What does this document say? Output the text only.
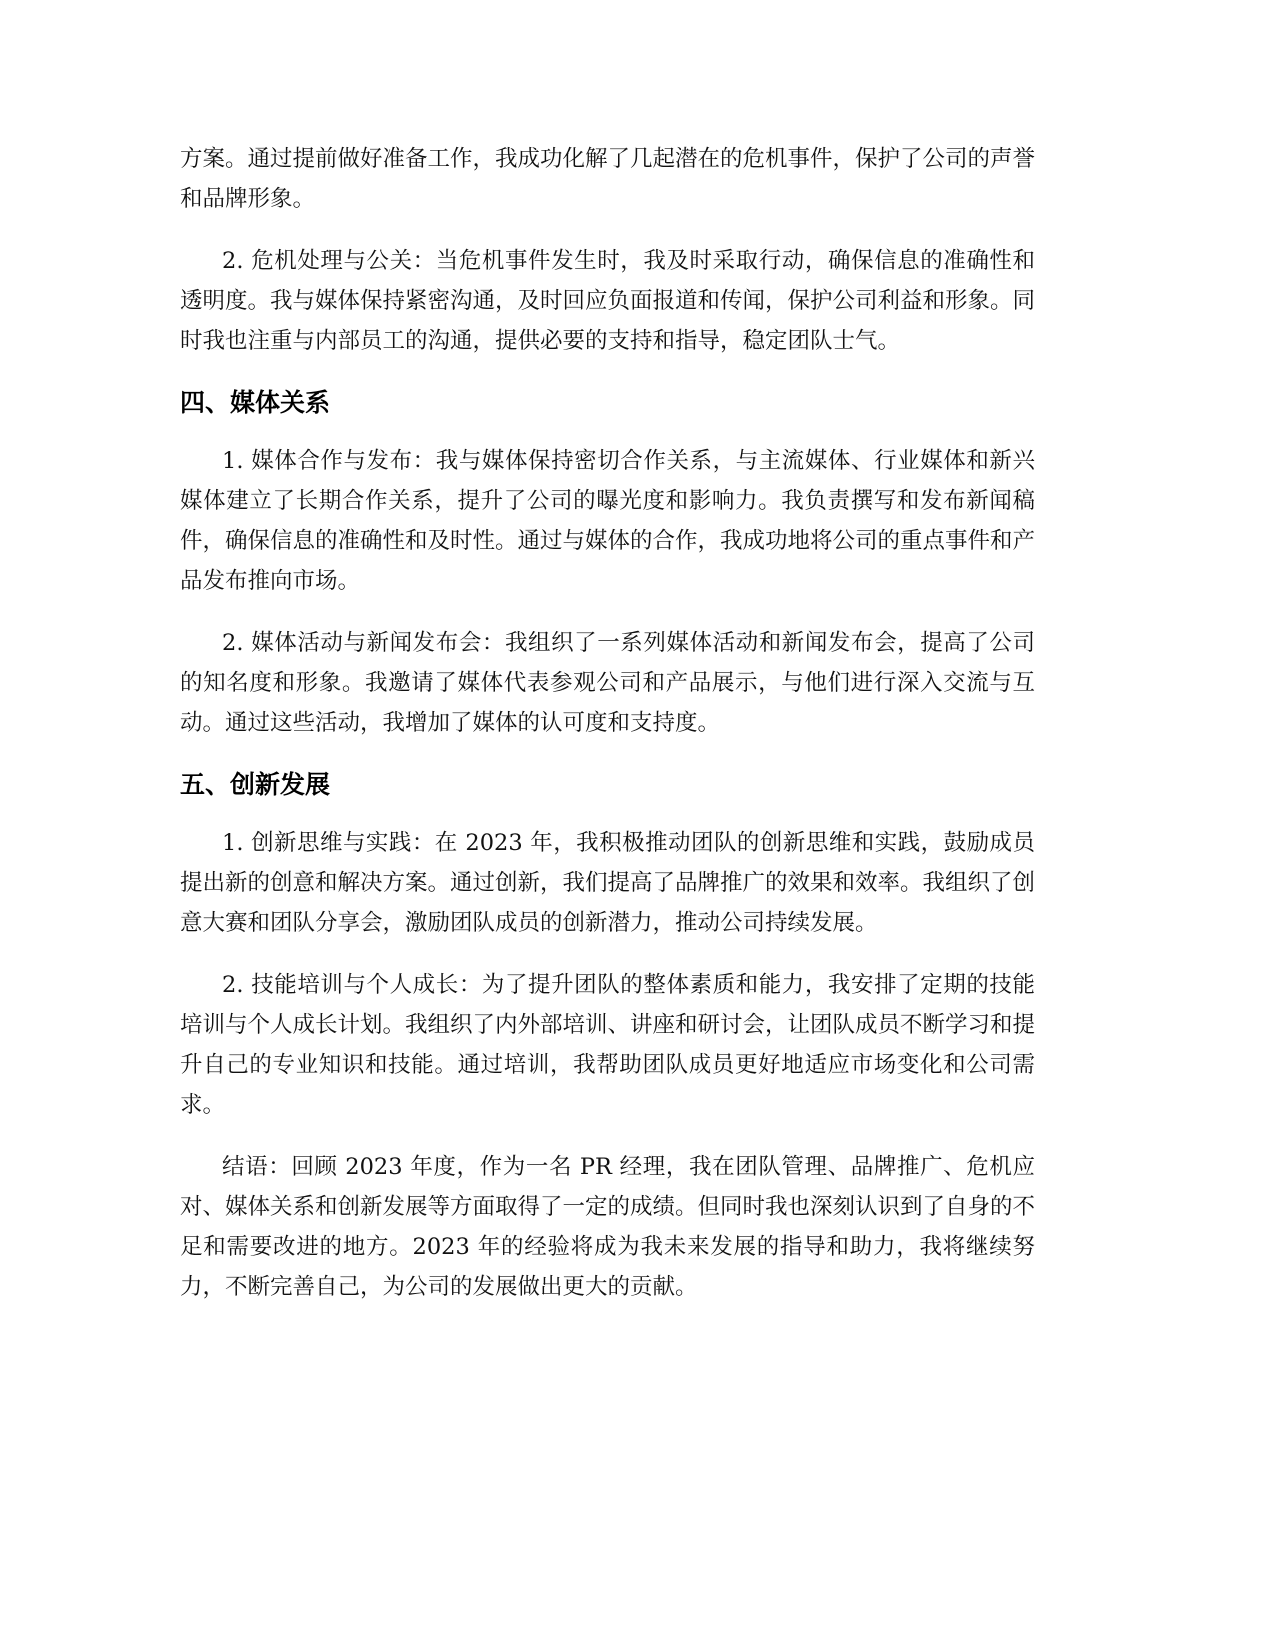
方案。通过提前做好准备工作，我成功化解了几起潜在的危机事件，保护了公司的声誉和品牌形象。

2. 危机处理与公关：当危机事件发生时，我及时采取行动，确保信息的准确性和透明度。我与媒体保持紧密沟通，及时回应负面报道和传闻，保护公司利益和形象。同时我也注重与内部员工的沟通，提供必要的支持和指导，稳定团队士气。

四、媒体关系

1. 媒体合作与发布：我与媒体保持密切合作关系，与主流媒体、行业媒体和新兴媒体建立了长期合作关系，提升了公司的曝光度和影响力。我负责撰写和发布新闻稿件，确保信息的准确性和及时性。通过与媒体的合作，我成功地将公司的重点事件和产品发布推向市场。

2. 媒体活动与新闻发布会：我组织了一系列媒体活动和新闻发布会，提高了公司的知名度和形象。我邀请了媒体代表参观公司和产品展示，与他们进行深入交流与互动。通过这些活动，我增加了媒体的认可度和支持度。

五、创新发展

1. 创新思维与实践：在 2023 年，我积极推动团队的创新思维和实践，鼓励成员提出新的创意和解决方案。通过创新，我们提高了品牌推广的效果和效率。我组织了创意大赛和团队分享会，激励团队成员的创新潜力，推动公司持续发展。

2. 技能培训与个人成长：为了提升团队的整体素质和能力，我安排了定期的技能培训与个人成长计划。我组织了内外部培训、讲座和研讨会，让团队成员不断学习和提升自己的专业知识和技能。通过培训，我帮助团队成员更好地适应市场变化和公司需求。

结语：回顾 2023 年度，作为一名 PR 经理，我在团队管理、品牌推广、危机应对、媒体关系和创新发展等方面取得了一定的成绩。但同时我也深刻认识到了自身的不足和需要改进的地方。2023 年的经验将成为我未来发展的指导和助力，我将继续努力，不断完善自己，为公司的发展做出更大的贡献。
